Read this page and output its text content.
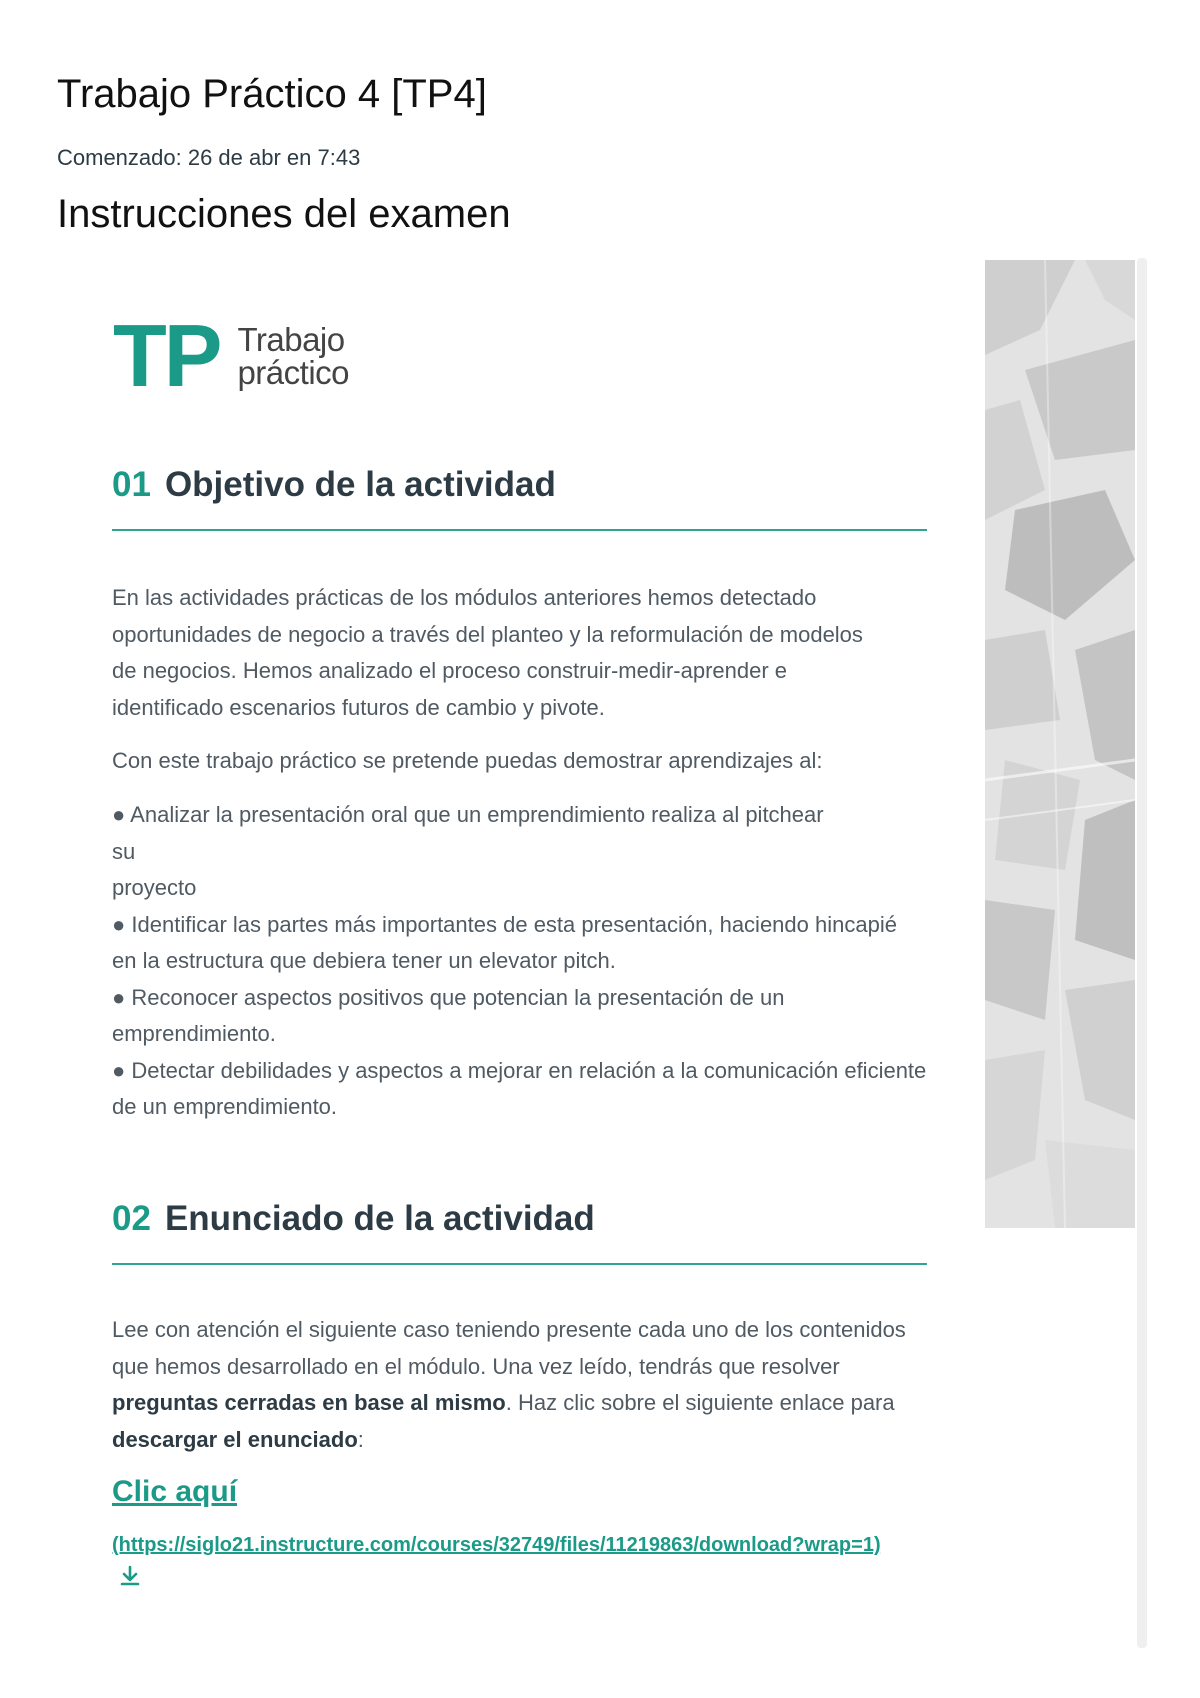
Trabajo Práctico 4 [TP4]
Comenzado: 26 de abr en 7:43
Instrucciones del examen
TP Trabajo
práctico
01 Objetivo de la actividad

En las actividades prácticas de los módulos anteriores hemos detectado oportunidades de negocio a través del planteo y la reformulación de modelos de negocios. Hemos analizado el proceso construir-medir-aprender e identificado escenarios futuros de cambio y pivote.

Con este trabajo práctico se pretende puedas demostrar aprendizajes al:

● Analizar la presentación oral que un emprendimiento realiza al pitchear
su
proyecto
● Identificar las partes más importantes de esta presentación, haciendo hincapié en la estructura que debiera tener un elevator pitch.
● Reconocer aspectos positivos que potencian la presentación de un emprendimiento.
● Detectar debilidades y aspectos a mejorar en relación a la comunicación eficiente de un emprendimiento.
02 Enunciado de la actividad

Lee con atención el siguiente caso teniendo presente cada uno de los contenidos que hemos desarrollado en el módulo. Una vez leído, tendrás que resolver preguntas cerradas en base al mismo. Haz clic sobre el siguiente enlace para descargar el enunciado:

Clic aquí
(https://siglo21.instructure.com/courses/32749/files/11219863/download?wrap=1)
